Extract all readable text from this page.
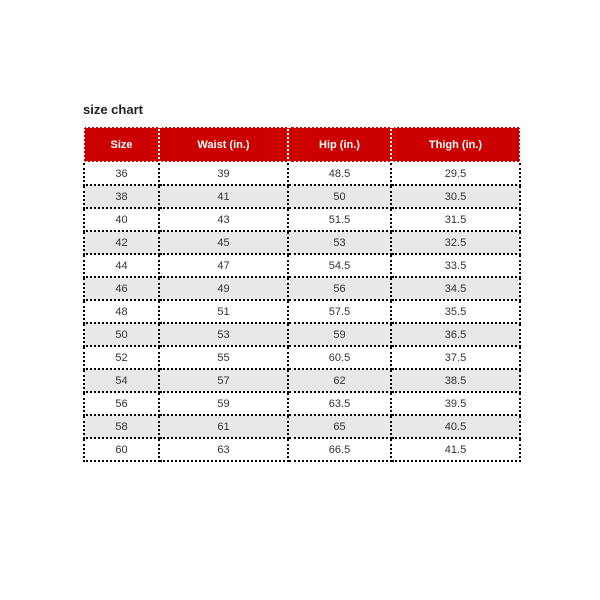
size chart
Size	Waist (in.)	Hip (in.)	Thigh (in.)
36	39	48.5	29.5
38	41	50	30.5
40	43	51.5	31.5
42	45	53	32.5
44	47	54.5	33.5
46	49	56	34.5
48	51	57.5	35.5
50	53	59	36.5
52	55	60.5	37.5
54	57	62	38.5
56	59	63.5	39.5
58	61	65	40.5
60	63	66.5	41.5
